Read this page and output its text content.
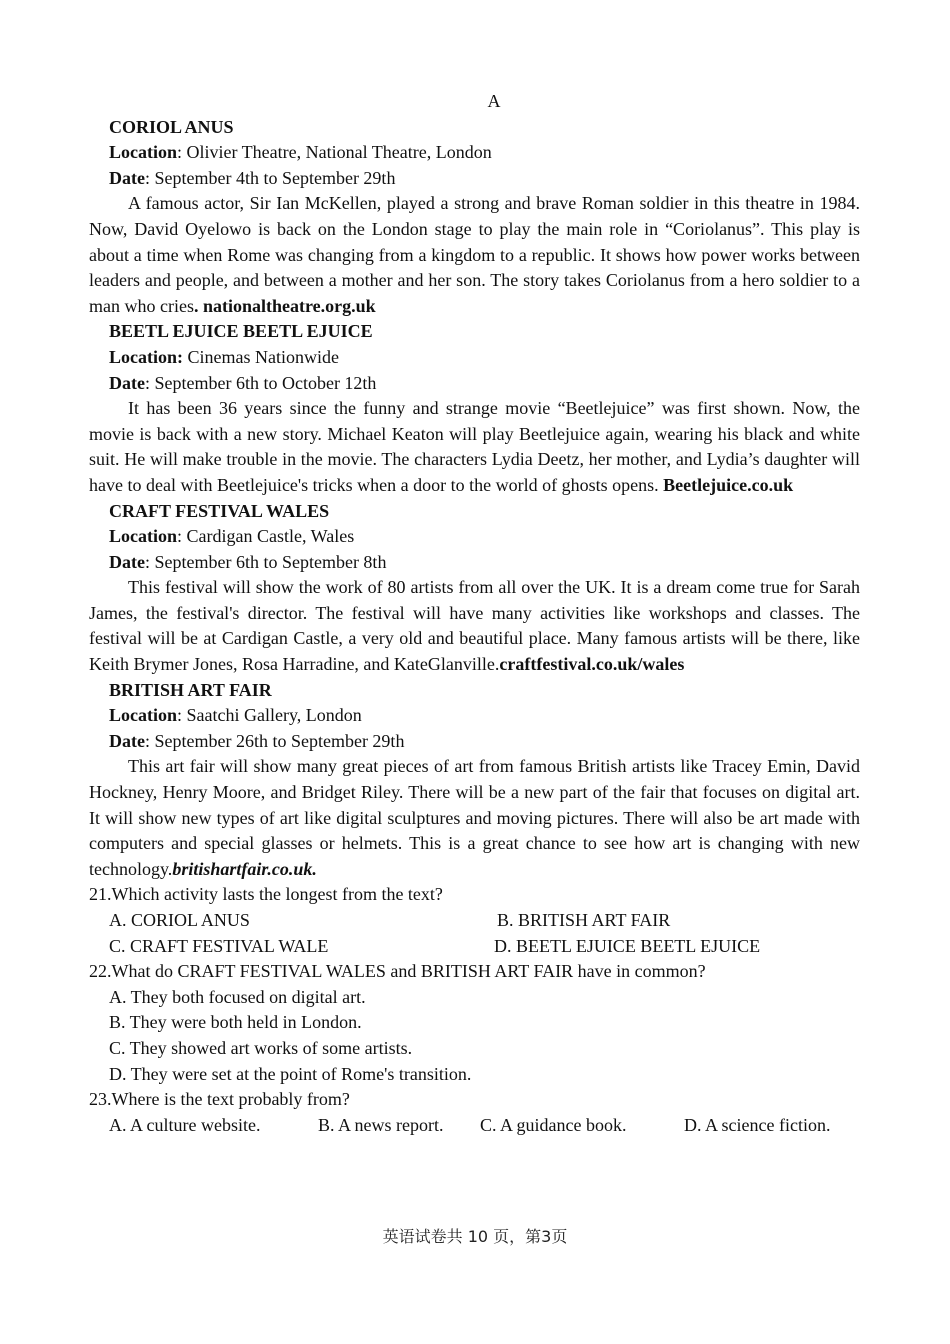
A
CORIOL ANUS
Location: Olivier Theatre, National Theatre, London
Date: September 4th to September 29th
A famous actor, Sir Ian McKellen, played a strong and brave Roman soldier in this theatre in 1984. Now, David Oyelowo is back on the London stage to play the main role in “Coriolanus”. This play is about a time when Rome was changing from a kingdom to a republic. It shows how power works between leaders and people, and between a mother and her son. The story takes Coriolanus from a hero soldier to a man who cries. nationaltheatre.org.uk
BEETL EJUICE BEETL EJUICE
Location: Cinemas Nationwide
Date: September 6th to October 12th
It has been 36 years since the funny and strange movie “Beetlejuice” was first shown. Now, the movie is back with a new story. Michael Keaton will play Beetlejuice again, wearing his black and white suit. He will make trouble in the movie. The characters Lydia Deetz, her mother, and Lydia’s daughter will have to deal with Beetlejuice's tricks when a door to the world of ghosts opens. Beetlejuice.co.uk
CRAFT FESTIVAL WALES
Location: Cardigan Castle, Wales
Date: September 6th to September 8th
This festival will show the work of 80 artists from all over the UK. It is a dream come true for Sarah James, the festival's director. The festival will have many activities like workshops and classes. The festival will be at Cardigan Castle, a very old and beautiful place. Many famous artists will be there, like Keith Brymer Jones, Rosa Harradine, and KateGlanville.craftfestival.co.uk/wales
BRITISH ART FAIR
Location: Saatchi Gallery, London
Date: September 26th to September 29th
This art fair will show many great pieces of art from famous British artists like Tracey Emin, David Hockney, Henry Moore, and Bridget Riley. There will be a new part of the fair that focuses on digital art. It will show new types of art like digital sculptures and moving pictures. There will also be art made with computers and special glasses or helmets. This is a great chance to see how art is changing with new technology.britishartfair.co.uk.
21.Which activity lasts the longest from the text?
A. CORIOL ANUS	B. BRITISH ART FAIR
C. CRAFT FESTIVAL WALE	D. BEETL EJUICE BEETL EJUICE
22.What do CRAFT FESTIVAL WALES and BRITISH ART FAIR have in common?
A. They both focused on digital art.
B. They were both held in London.
C. They showed art works of some artists.
D. They were set at the point of Rome's transition.
23.Where is the text probably from?
A. A culture website.	B. A news report.	C. A guidance book.	D. A science fiction.
英语试卷共 10 页，第3页
